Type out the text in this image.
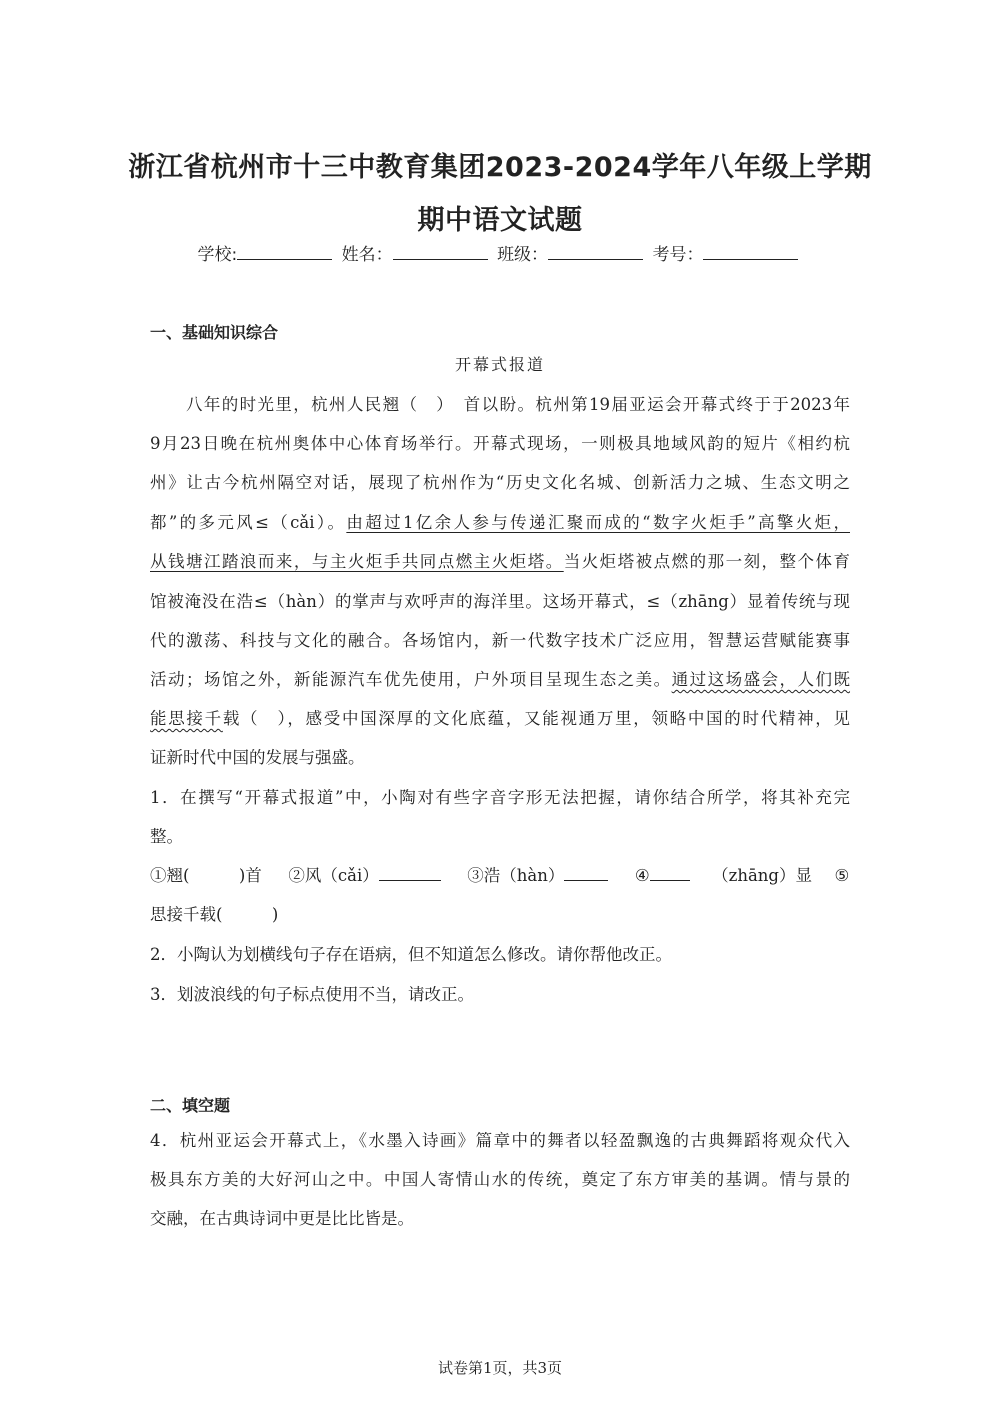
浙江省杭州市十三中教育集团2023-2024学年八年级上学期
期中语文试题
学校:	姓名：	班级：	考号：
一、基础知识综合
开幕式报道
八年的时光里，杭州人民翘（　）　首以盼。杭州第19届亚运会开幕式终于于2023年
9月23日晚在杭州奥体中心体育场举行。开幕式现场，一则极具地域风韵的短片《相约杭
州》让古今杭州隔空对话，展现了杭州作为“历史文化名城、创新活力之城、生态文明之
都”的多元风≤（cǎi）。由超过1亿余人参与传递汇聚而成的“数字火炬手”高擎火炬，
从钱塘江踏浪而来，与主火炬手共同点燃主火炬塔。当火炬塔被点燃的那一刻，整个体育
馆被淹没在浩≤（hàn）的掌声与欢呼声的海洋里。这场开幕式，≤（zhāng）显着传统与现
代的激荡、科技与文化的融合。各场馆内，新一代数字技术广泛应用，智慧运营赋能赛事
活动；场馆之外，新能源汽车优先使用，户外项目呈现生态之美。通过这场盛会，人们既
能思接千载（　），感受中国深厚的文化底蕴，又能视通万里，领略中国的时代精神，见
证新时代中国的发展与强盛。
1．在撰写“开幕式报道”中，小陶对有些字音字形无法把握，请你结合所学，将其补充完
整。
①翘(　　　)首 ②风（cǎi）	③浩（hàn）	④	（zhāng）显 ⑤
思接千载(　　　)
2．小陶认为划横线句子存在语病，但不知道怎么修改。请你帮他改正。
3．划波浪线的句子标点使用不当，请改正。
二、填空题
4．杭州亚运会开幕式上，《水墨入诗画》篇章中的舞者以轻盈飘逸的古典舞蹈将观众代入
极具东方美的大好河山之中。中国人寄情山水的传统，奠定了东方审美的基调。情与景的
交融，在古典诗词中更是比比皆是。
试卷第1页，共3页
